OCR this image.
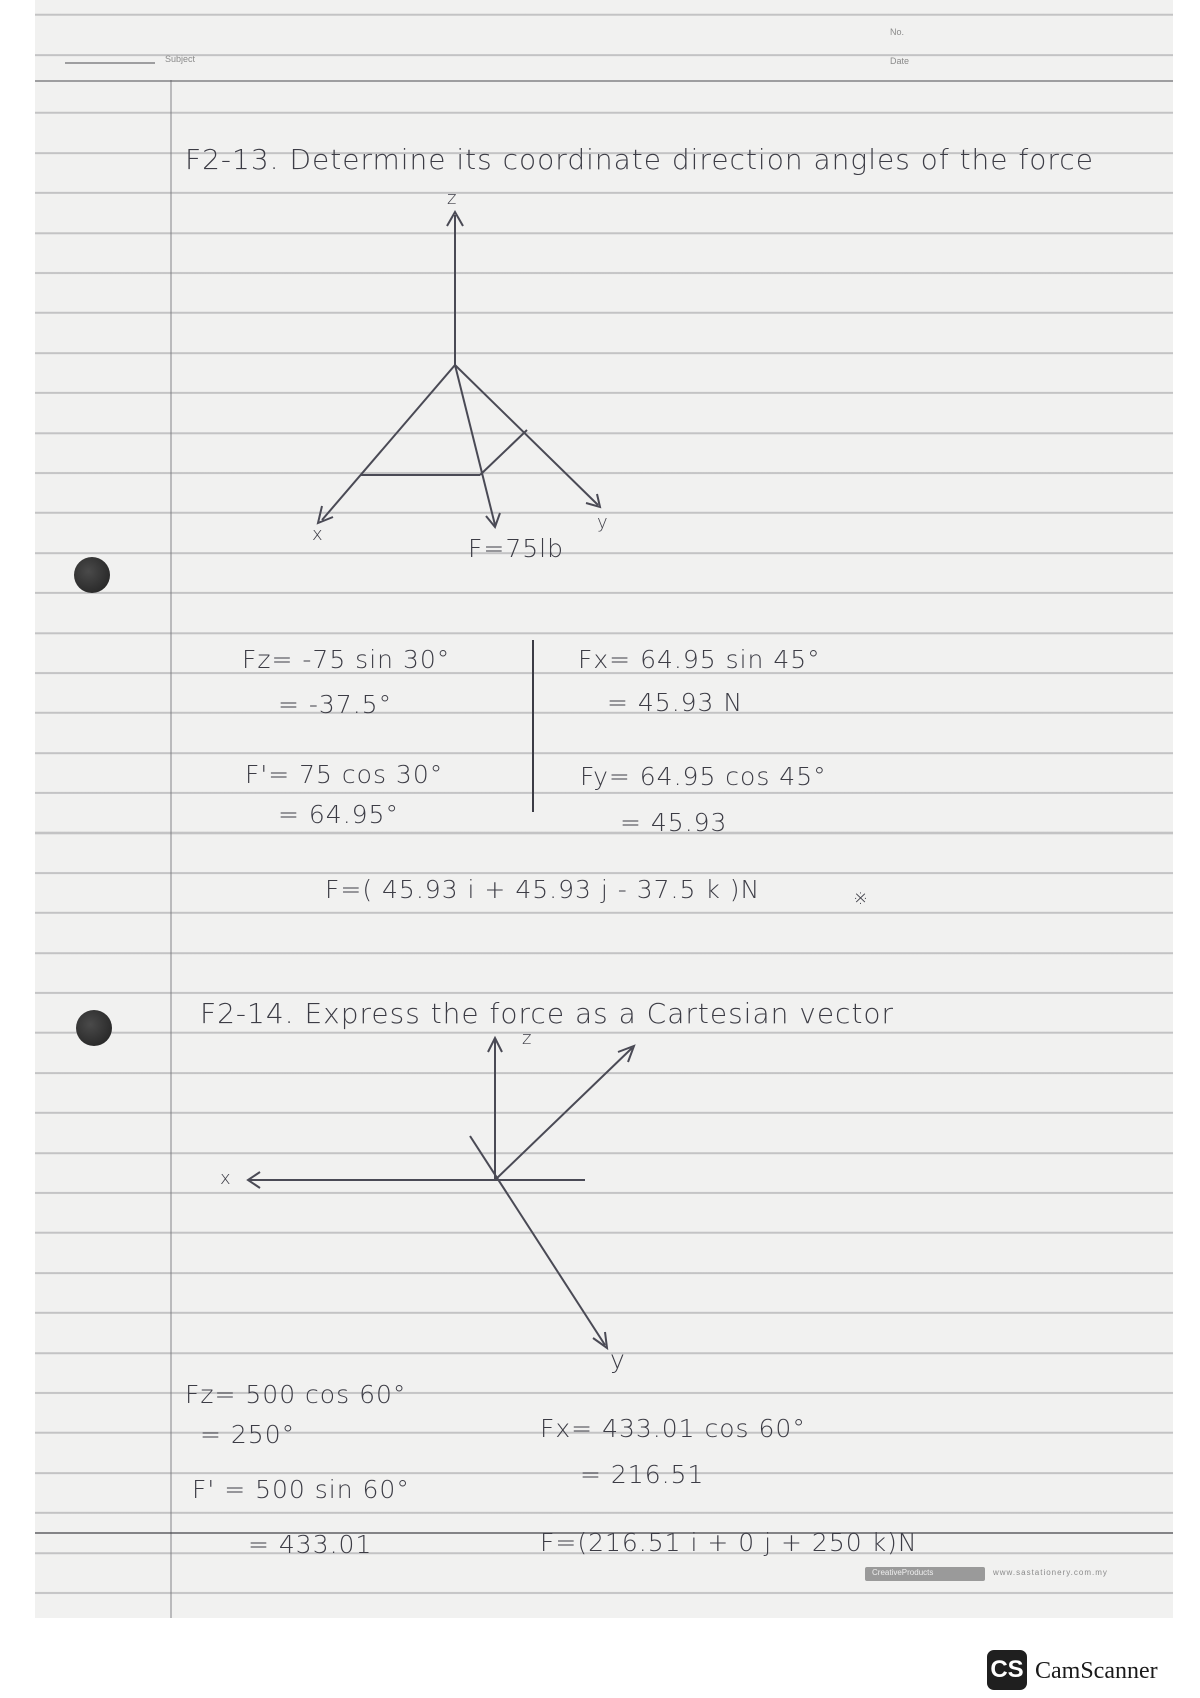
Subject
No.
Date
F2-13. Determine its coordinate direction angles of the force
z
x
y
F=75lb
Fz= -75 sin 30°
= -37.5°
F'= 75 cos 30°
= 64.95°
Fx= 64.95 sin 45°
= 45.93 N
Fy= 64.95 cos 45°
= 45.93
F=( 45.93 i + 45.93 j - 37.5 k )N	※
F2-14. Express the force as a Cartesian vector
z
x
y
Fz= 500 cos 60°
= 250°
F' = 500 sin 60°
= 433.01
Fx= 433.01 cos 60°
= 216.51
F=(216.51 i + 0 j + 250 k)N
CreativeProducts	www.sastationery.com.my
CS CamScanner
